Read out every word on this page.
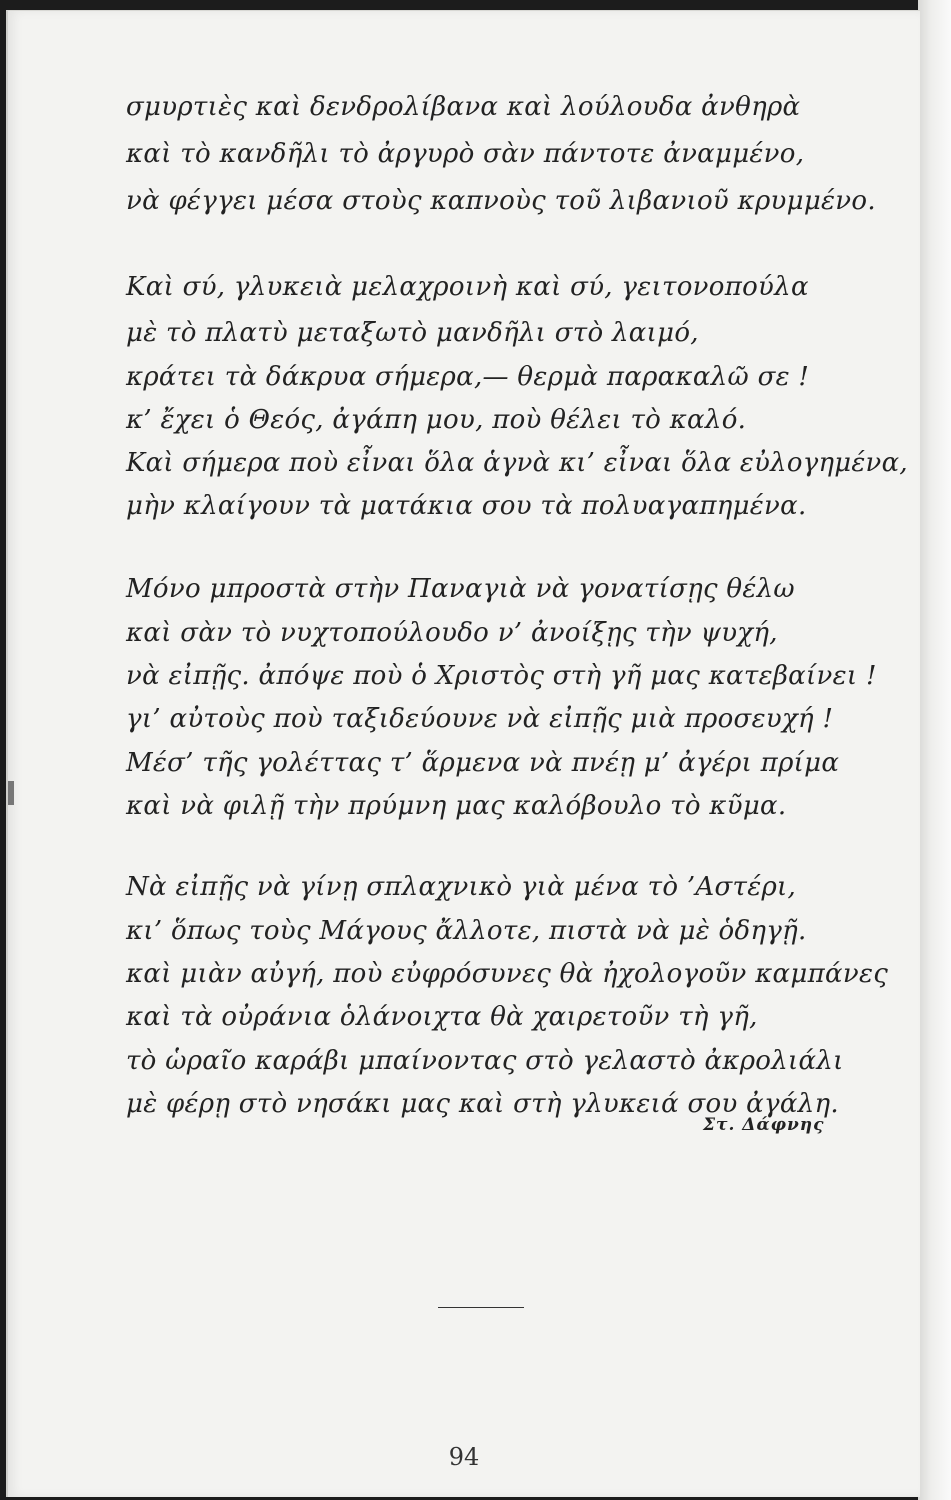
σμυρτιὲς καὶ δενδρολίβανα καὶ λούλουδα ἀνθηρὰ
καὶ τὸ κανδῆλι τὸ ἀργυρὸ σὰν πάντοτε ἀναμμένο,
νὰ φέγγει μέσα στοὺς καπνοὺς τοῦ λιβανιοῦ κρυμμένο.
Καὶ σύ, γλυκειὰ μελαχροινὴ καὶ σύ, γειτονοπούλα
μὲ τὸ πλατὺ μεταξωτὸ μανδῆλι στὸ λαιμό,
κράτει τὰ δάκρυα σήμερα,— θερμὰ παρακαλῶ σε !
κ’ ἔχει ὁ Θεός, ἀγάπη μου, ποὺ θέλει τὸ καλό.
Καὶ σήμερα ποὺ εἶναι ὅλα ἁγνὰ κι’ εἶναι ὅλα εὐλογημένα,
μὴν κλαίγουν τὰ ματάκια σου τὰ πολυαγαπημένα.
Μόνο μπροστὰ στὴν Παναγιὰ νὰ γονατίσῃς θέλω
καὶ σὰν τὸ νυχτοπούλουδο ν’ ἀνοίξῃς τὴν ψυχή,
νὰ εἰπῇς. ἀπόψε ποὺ ὁ Χριστὸς στὴ γῆ μας κατεβαίνει !
γι’ αὐτοὺς ποὺ ταξιδεύουνε νὰ εἰπῇς μιὰ προσευχή !
Μέσ’ τῆς γολέττας τ’ ἅρμενα νὰ πνέῃ μ’ ἀγέρι πρίμα
καὶ νὰ φιλῇ τὴν πρύμνη μας καλόβουλο τὸ κῦμα.
Νὰ εἰπῇς νὰ γίνῃ σπλαχνικὸ γιὰ μένα τὸ ’Αστέρι,
κι’ ὅπως τοὺς Μάγους ἄλλοτε, πιστὰ νὰ μὲ ὁδηγῇ.
καὶ μιὰν αὐγή, ποὺ εὐφρόσυνες θὰ ἠχολογοῦν καμπάνες
καὶ τὰ οὐράνια ὁλάνοιχτα θὰ χαιρετοῦν τὴ γῆ,
τὸ ὡραῖο καράβι μπαίνοντας στὸ γελαστὸ ἀκρολιάλι
μὲ φέρῃ στὸ νησάκι μας καὶ στὴ γλυκειά σου ἀγάλη.
Στ. Δάφνης
94
